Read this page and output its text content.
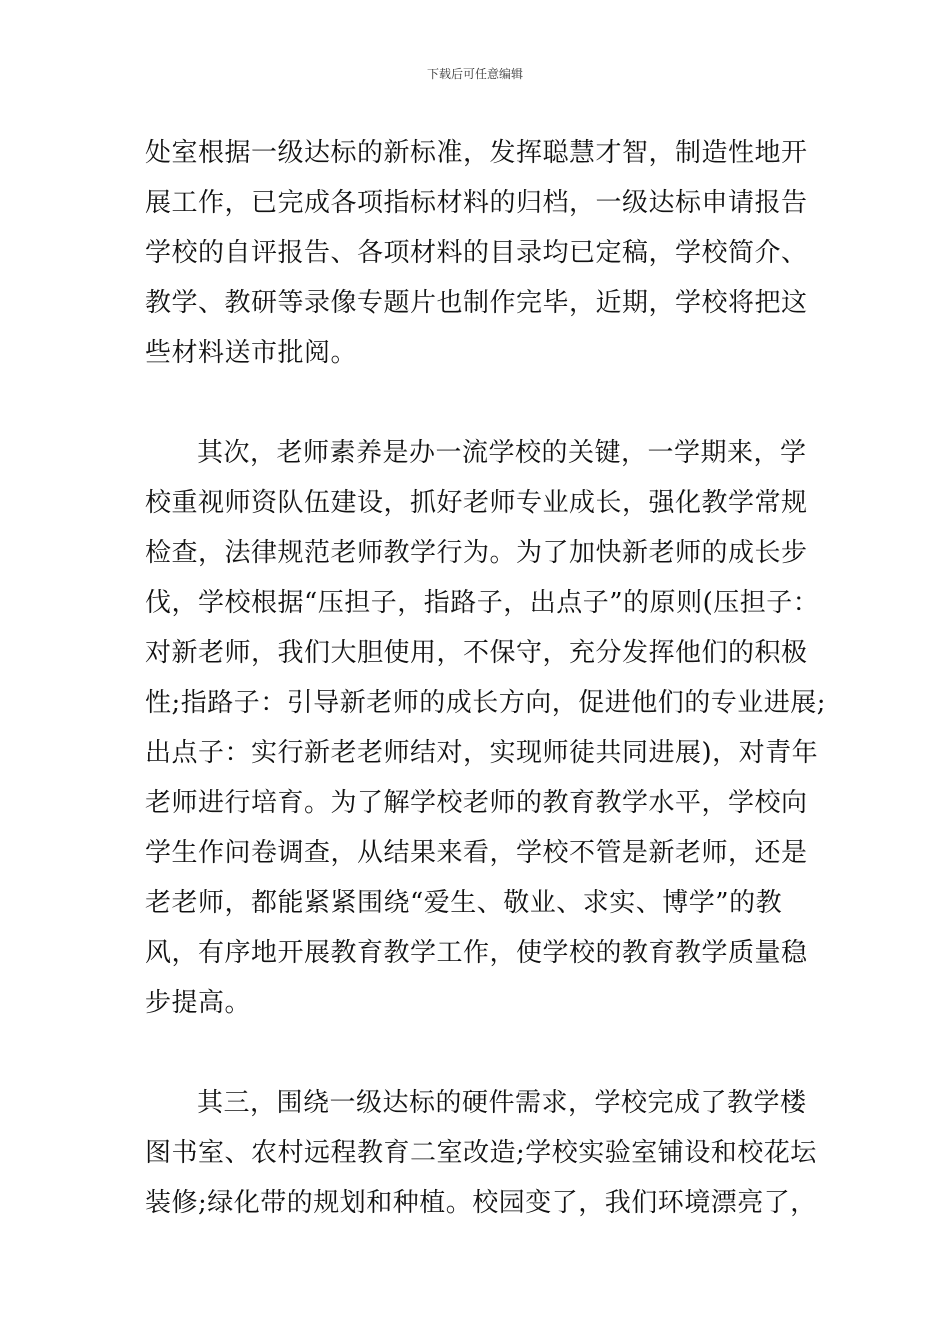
下载后可任意编辑

处室根据一级达标的新标准，发挥聪慧才智，制造性地开
展工作，已完成各项指标材料的归档，一级达标申请报告
学校的自评报告、各项材料的目录均已定稿，学校简介、
教学、教研等录像专题片也制作完毕，近期，学校将把这
些材料送市批阅。

其次，老师素养是办一流学校的关键，一学期来，学
校重视师资队伍建设，抓好老师专业成长，强化教学常规
检查，法律规范老师教学行为。为了加快新老师的成长步
伐，学校根据“压担子，指路子，出点子”的原则(压担子：
对新老师，我们大胆使用，不保守，充分发挥他们的积极
性;指路子：引导新老师的成长方向，促进他们的专业进展;
出点子：实行新老老师结对，实现师徒共同进展)，对青年
老师进行培育。为了解学校老师的教育教学水平，学校向
学生作问卷调查，从结果来看，学校不管是新老师，还是
老老师，都能紧紧围绕“爱生、敬业、求实、博学”的教
风，有序地开展教育教学工作，使学校的教育教学质量稳
步提高。

其三，围绕一级达标的硬件需求，学校完成了教学楼
图书室、农村远程教育二室改造;学校实验室铺设和校花坛
装修;绿化带的规划和种植。校园变了，我们环境漂亮了，
